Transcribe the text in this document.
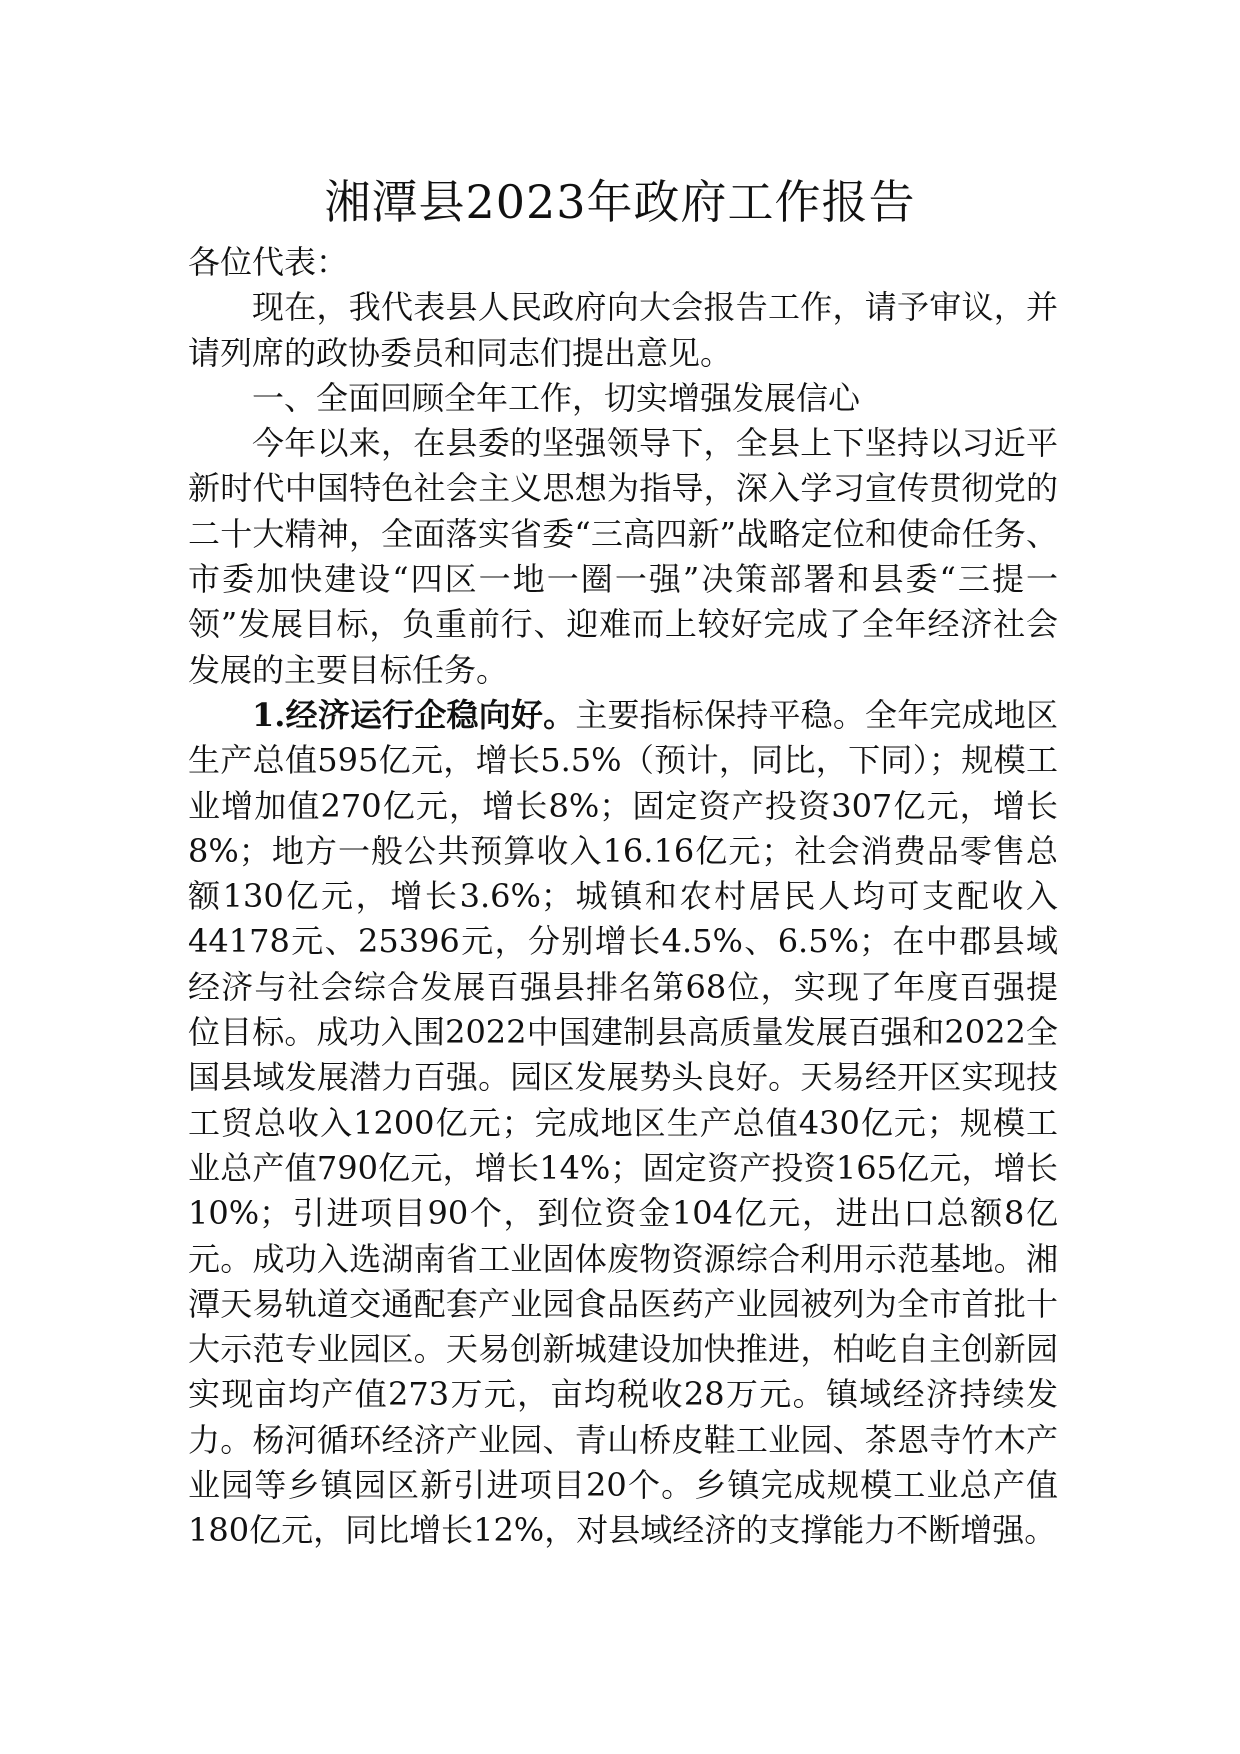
湘潭县2023年政府工作报告

各位代表：

现在，我代表县人民政府向大会报告工作，请予审议，并请列席的政协委员和同志们提出意见。

一、全面回顾全年工作，切实增强发展信心

今年以来，在县委的坚强领导下，全县上下坚持以习近平新时代中国特色社会主义思想为指导，深入学习宣传贯彻党的二十大精神，全面落实省委“三高四新”战略定位和使命任务、市委加快建设“四区一地一圈一强”决策部署和县委“三提一领”发展目标，负重前行、迎难而上较好完成了全年经济社会发展的主要目标任务。

1.经济运行企稳向好。主要指标保持平稳。全年完成地区生产总值595亿元，增长5.5%（预计，同比，下同）；规模工业增加值270亿元，增长8%；固定资产投资307亿元，增长8%；地方一般公共预算收入16.16亿元；社会消费品零售总额130亿元，增长3.6%；城镇和农村居民人均可支配收入44178元、25396元，分别增长4.5%、6.5%；在中郡县域经济与社会综合发展百强县排名第68位，实现了年度百强提位目标。成功入围2022中国建制县高质量发展百强和2022全国县域发展潜力百强。园区发展势头良好。天易经开区实现技工贸总收入1200亿元；完成地区生产总值430亿元；规模工业总产值790亿元，增长14%；固定资产投资165亿元，增长10%；引进项目90个，到位资金104亿元，进出口总额8亿元。成功入选湖南省工业固体废物资源综合利用示范基地。湘潭天易轨道交通配套产业园食品医药产业园被列为全市首批十大示范专业园区。天易创新城建设加快推进，柏屹自主创新园实现亩均产值273万元，亩均税收28万元。镇域经济持续发力。杨河循环经济产业园、青山桥皮鞋工业园、茶恩寺竹木产业园等乡镇园区新引进项目20个。乡镇完成规模工业总产值180亿元，同比增长12%，对县域经济的支撑能力不断增强。
